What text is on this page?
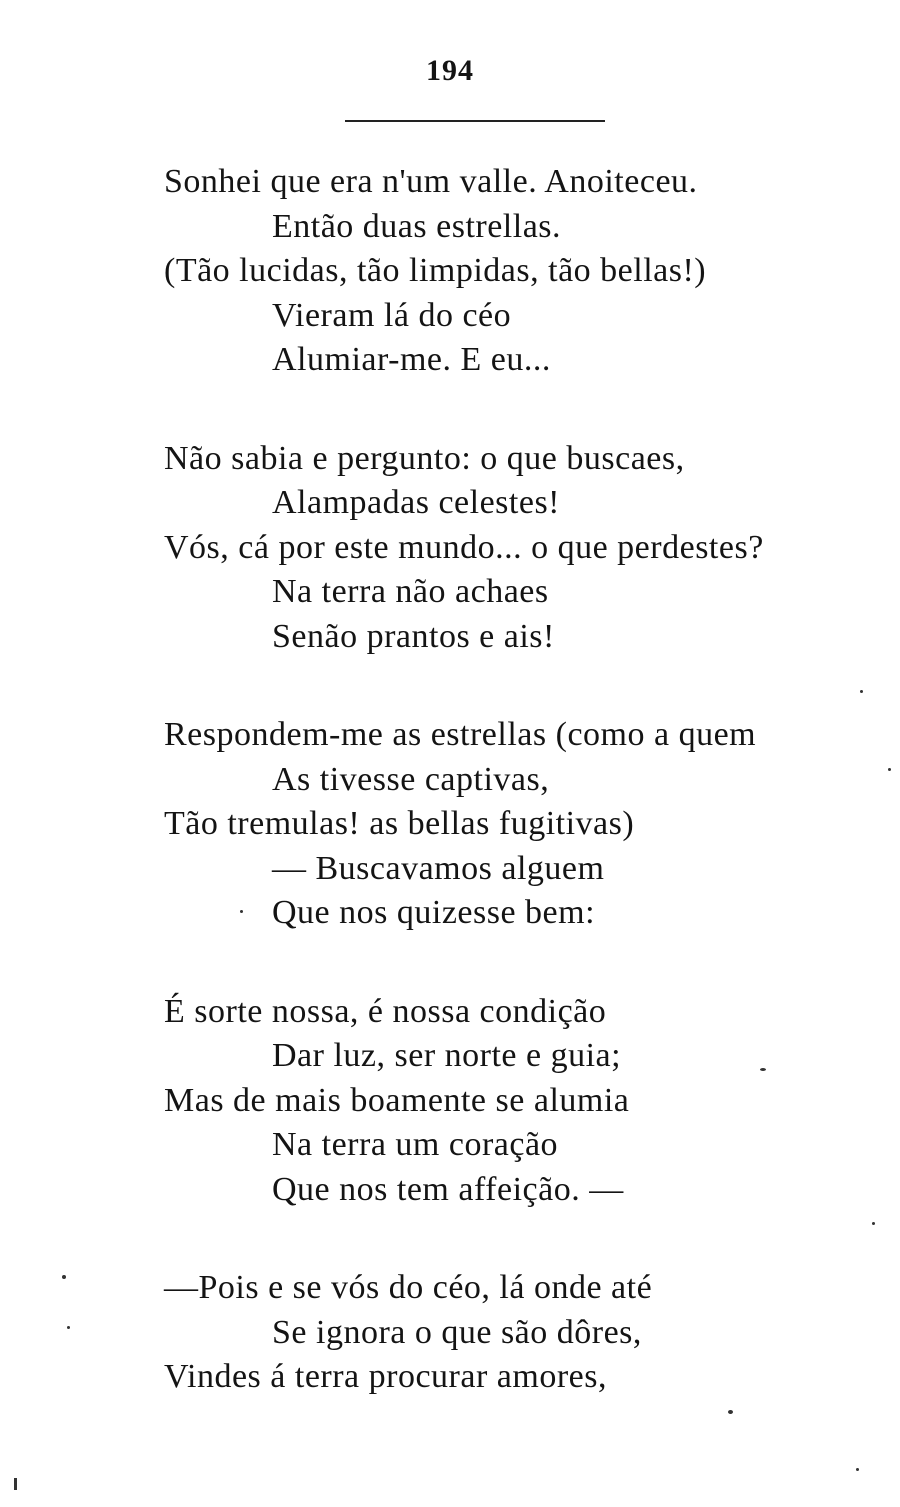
194
Sonhei que era n'um valle. Anoiteceu.
Então duas estrellas.
(Tão lucidas, tão limpidas, tão bellas!)
Vieram lá do céo
Alumiar-me. E eu...
Não sabia e pergunto: o que buscaes,
Alampadas celestes!
Vós, cá por este mundo... o que perdestes?
Na terra não achaes
Senão prantos e ais!
Respondem-me as estrellas (como a quem
As tivesse captivas,
Tão tremulas! as bellas fugitivas)
— Buscavamos alguem
Que nos quizesse bem:
É sorte nossa, é nossa condição
Dar luz, ser norte e guia;
Mas de mais boamente se alumia
Na terra um coração
Que nos tem affeição. —
—Pois e se vós do céo, lá onde até
Se ignora o que são dôres,
Vindes á terra procurar amores,
